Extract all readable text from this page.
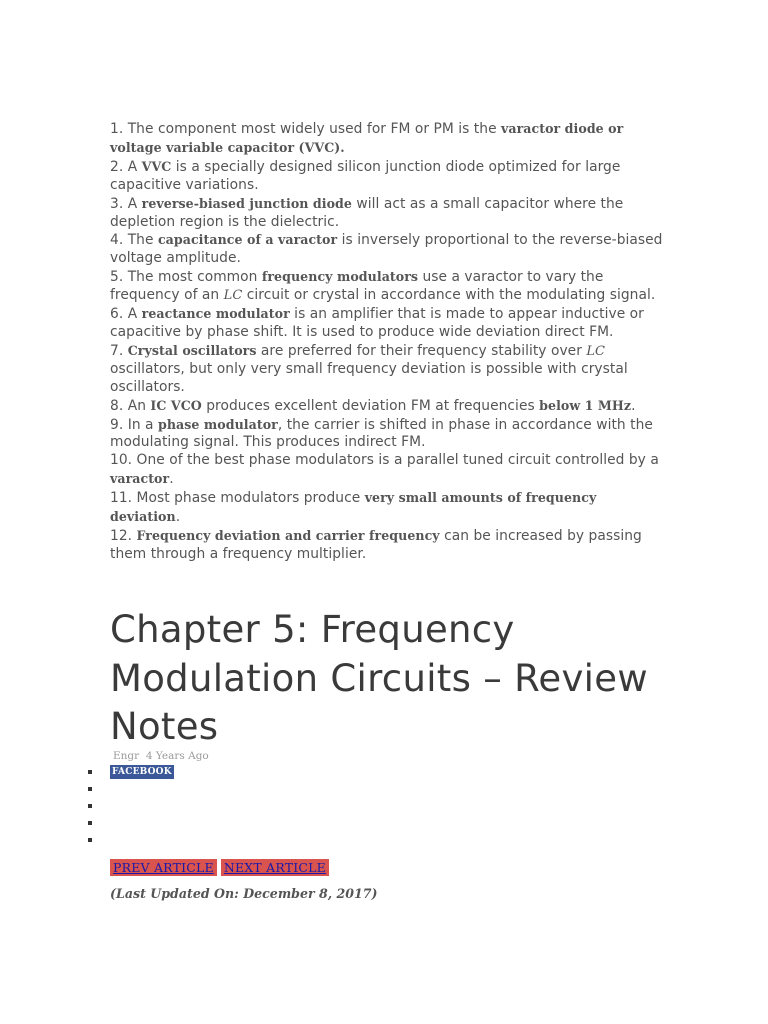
1. The component most widely used for FM or PM is the varactor diode or voltage variable capacitor (VVC).

2. A VVC is a specially designed silicon junction diode optimized for large capacitive variations.

3. A reverse-biased junction diode will act as a small capacitor where the depletion region is the dielectric.

4. The capacitance of a varactor is inversely proportional to the reverse-biased voltage amplitude.

5. The most common frequency modulators use a varactor to vary the frequency of an LC circuit or crystal in accordance with the modulating signal.

6. A reactance modulator is an amplifier that is made to appear inductive or capacitive by phase shift. It is used to produce wide deviation direct FM.

7. Crystal oscillators are preferred for their frequency stability over LC oscillators, but only very small frequency deviation is possible with crystal oscillators.

8. An IC VCO produces excellent deviation FM at frequencies below 1 MHz.

9. In a phase modulator, the carrier is shifted in phase in accordance with the modulating signal. This produces indirect FM.

10. One of the best phase modulators is a parallel tuned circuit controlled by a varactor.

11. Most phase modulators produce very small amounts of frequency deviation.

12. Frequency deviation and carrier frequency can be increased by passing them through a frequency multiplier.

Chapter 5: Frequency Modulation Circuits – Review Notes
Engr 4 Years Ago
FACEBOOK
PREV ARTICLE NEXT ARTICLE
(Last Updated On: December 8, 2017)
